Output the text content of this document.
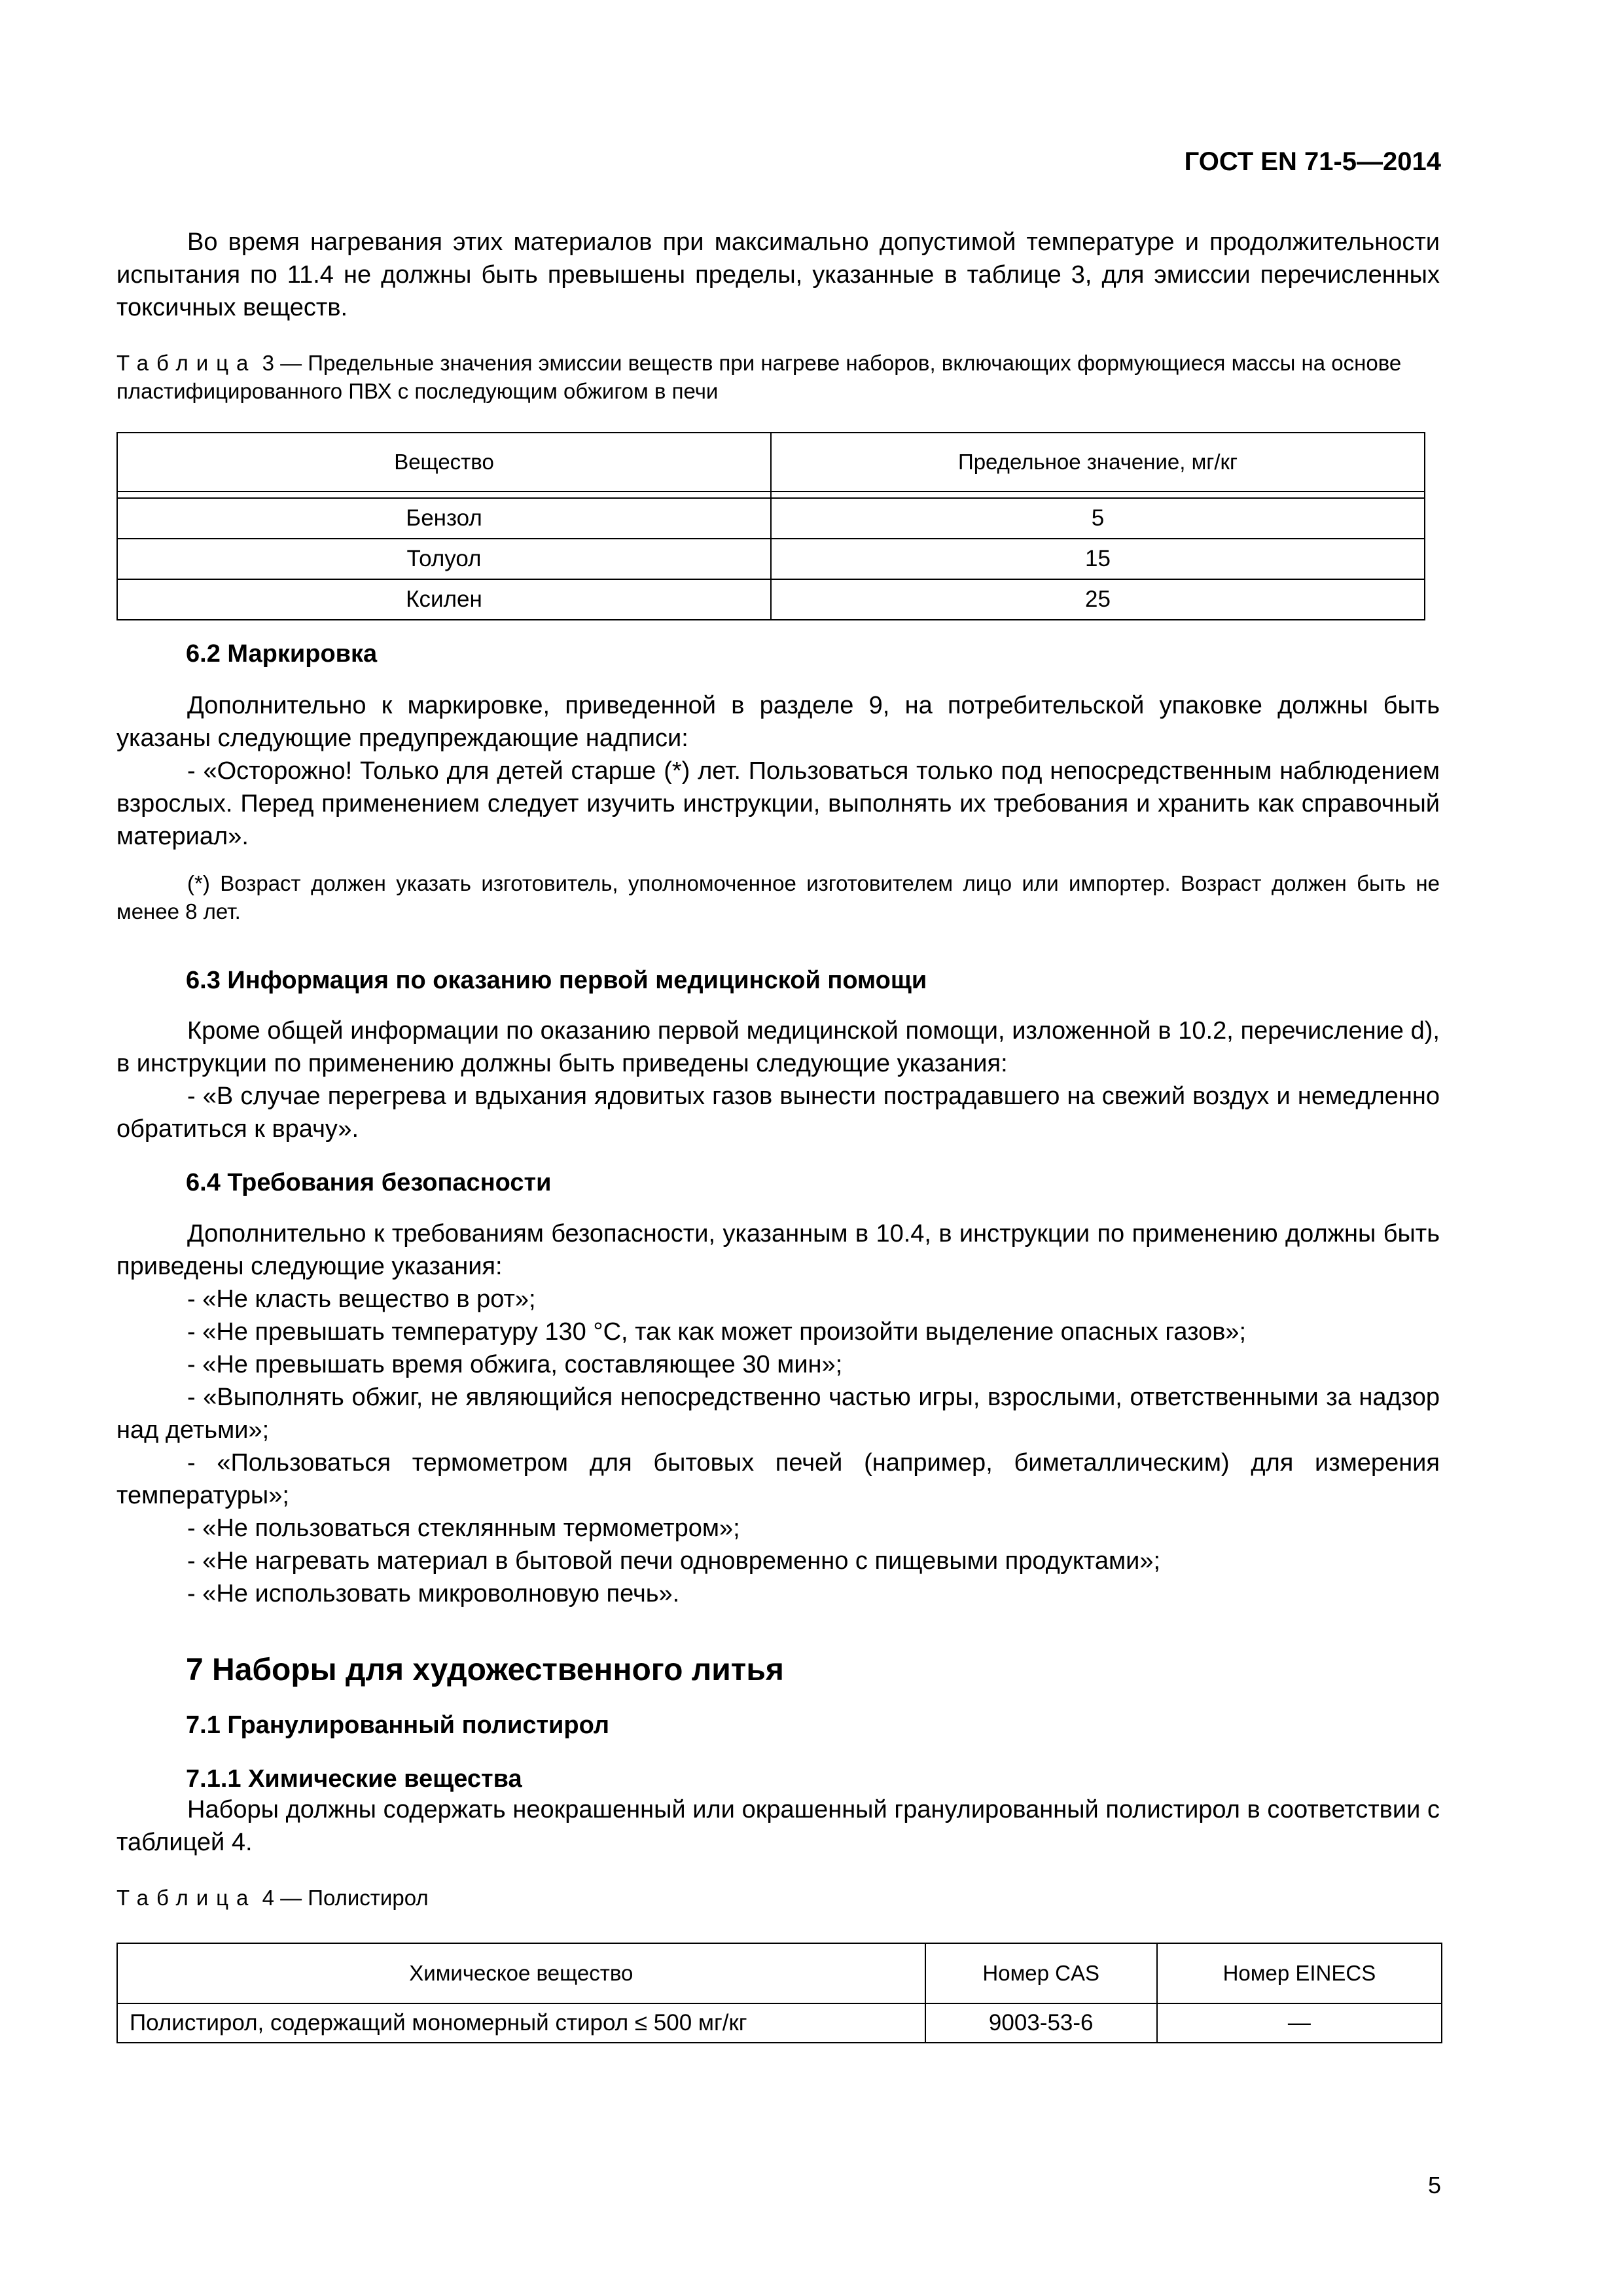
ГОСТ EN 71-5—2014

Во время нагревания этих материалов при максимально допустимой температуре и продолжительности испытания по 11.4 не должны быть превышены пределы, указанные в таблице 3, для эмиссии перечисленных токсичных веществ.

Таблица 3 — Предельные значения эмиссии веществ при нагреве наборов, включающих формующиеся массы на основе пластифицированного ПВХ с последующим обжигом в печи
Вещество	Предельное значение, мг/кг

Бензол	5
Толуол	15
Ксилен	25
6.2 Маркировка

Дополнительно к маркировке, приведенной в разделе 9, на потребительской упаковке должны быть указаны следующие предупреждающие надписи:

- «Осторожно! Только для детей старше (*) лет. Пользоваться только под непосредственным наблюдением взрослых. Перед применением следует изучить инструкции, выполнять их требования и хранить как справочный материал».

(*) Возраст должен указать изготовитель, уполномоченное изготовителем лицо или импортер. Возраст должен быть не менее 8 лет.
6.3 Информация по оказанию первой медицинской помощи

Кроме общей информации по оказанию первой медицинской помощи, изложенной в 10.2, перечисление d), в инструкции по применению должны быть приведены следующие указания:

- «В случае перегрева и вдыхания ядовитых газов вынести пострадавшего на свежий воздух и немедленно обратиться к врачу».

6.4 Требования безопасности

Дополнительно к требованиям безопасности, указанным в 10.4, в инструкции по применению должны быть приведены следующие указания:

- «Не класть вещество в рот»;

- «Не превышать температуру 130 °С, так как может произойти выделение опасных газов»;

- «Не превышать время обжига, составляющее 30 мин»;

- «Выполнять обжиг, не являющийся непосредственно частью игры, взрослыми, ответственными за надзор над детьми»;

- «Пользоваться термометром для бытовых печей (например, биметаллическим) для измерения температуры»;

- «Не пользоваться стеклянным термометром»;

- «Не нагревать материал в бытовой печи одновременно с пищевыми продуктами»;

- «Не использовать микроволновую печь».

7 Наборы для художественного литья
7.1 Гранулированный полистирол
7.1.1 Химические вещества

Наборы должны содержать неокрашенный или окрашенный гранулированный полистирол в соответствии с таблицей 4.

Таблица 4 — Полистирол
Химическое вещество	Номер CAS	Номер EINECS
Полистирол, содержащий мономерный стирол ≤ 500 мг/кг	9003-53-6	—
5
